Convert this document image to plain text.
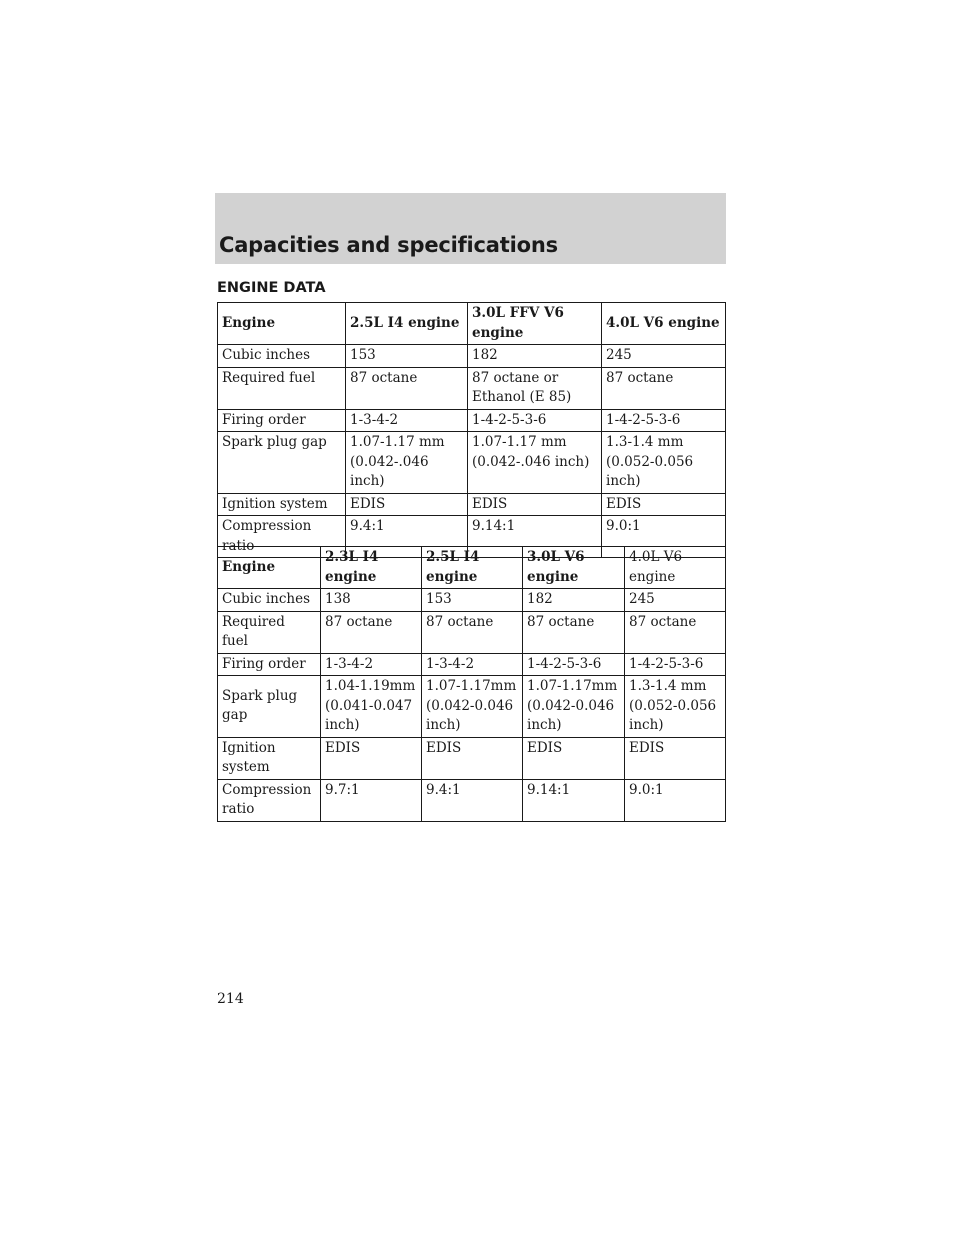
Capacities and specifications
ENGINE DATA
Engine	2.5L I4 engine	3.0L FFV V6 engine	4.0L V6 engine
Cubic inches	153	182	245
Required fuel	87 octane	87 octane or Ethanol (E 85)	87 octane
Firing order	1-3-4-2	1-4-2-5-3-6	1-4-2-5-3-6
Spark plug gap	1.07-1.17 mm (0.042-.046 inch)	1.07-1.17 mm (0.042-.046 inch)	1.3-1.4 mm (0.052-0.056 inch)
Ignition system	EDIS	EDIS	EDIS
Compression ratio	9.4:1	9.14:1	9.0:1
Engine	2.3L I4 engine	2.5L I4 engine	3.0L V6 engine	4.0L V6 engine
Cubic inches	138	153	182	245
Required fuel	87 octane	87 octane	87 octane	87 octane
Firing order	1-3-4-2	1-3-4-2	1-4-2-5-3-6	1-4-2-5-3-6
Spark plug gap	1.04-1.19mm (0.041-0.047 inch)	1.07-1.17mm (0.042-0.046 inch)	1.07-1.17mm (0.042-0.046 inch)	1.3-1.4 mm (0.052-0.056 inch)
Ignition system	EDIS	EDIS	EDIS	EDIS
Compression ratio	9.7:1	9.4:1	9.14:1	9.0:1
214
